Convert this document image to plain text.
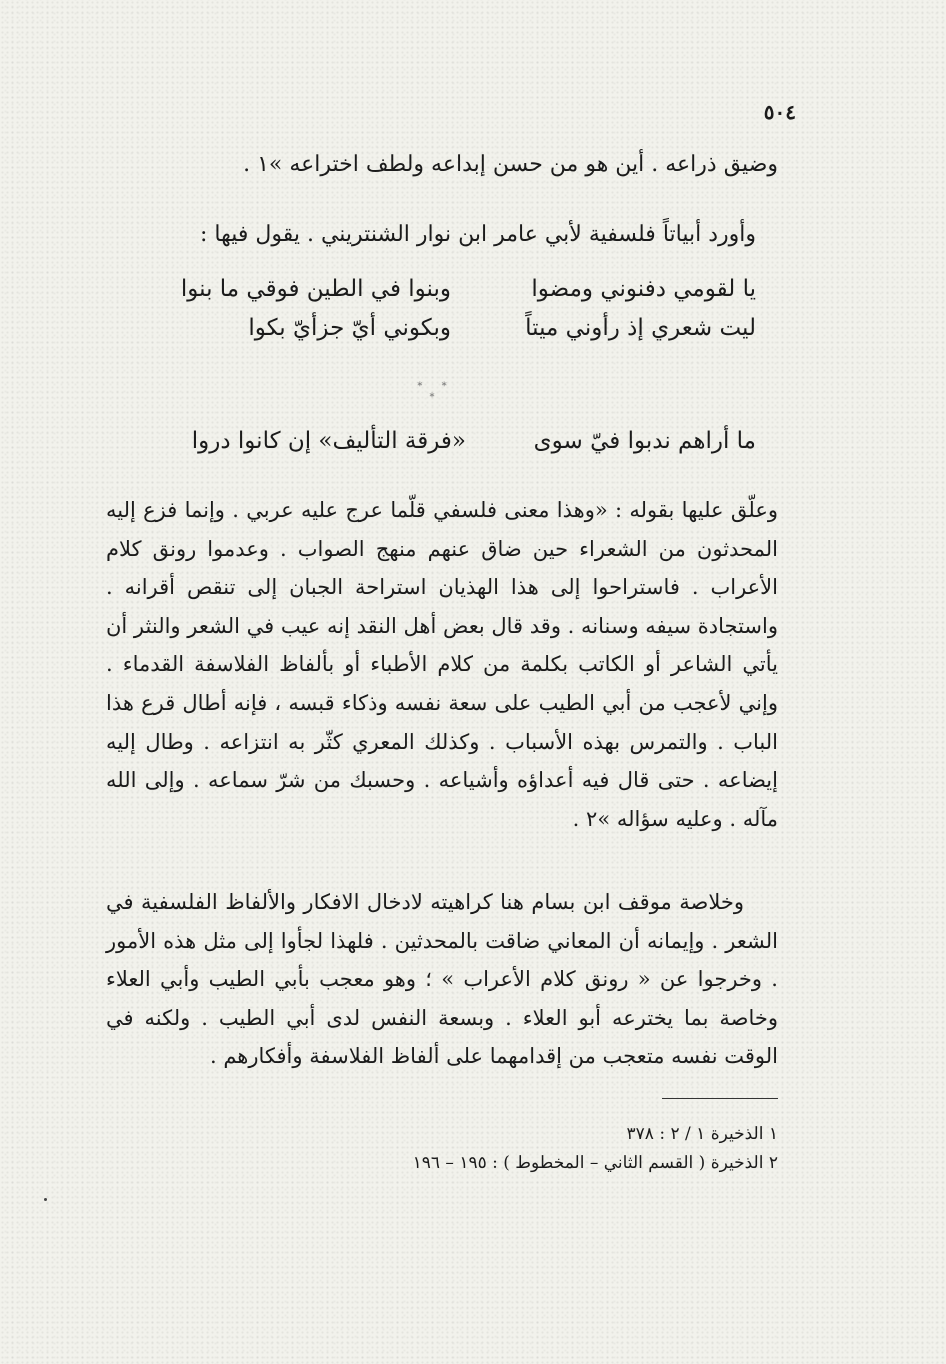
٥٠٤
وضيق ذراعه . أين هو من حسن إبداعه ولطف اختراعه »١ .
وأورد أبياتاً فلسفية لأبي عامر ابن نوار الشنتريني . يقول فيها :
يا لقومي دفنوني ومضوا
وبنوا في الطين فوقي ما بنوا
ليت شعري إذ رأوني ميتاً
وبكوني أيّ جزأيّ بكوا
* * *
ما أراهم ندبوا فيّ سوى
«فرقة التأليف» إن كانوا دروا
وعلّق عليها بقوله : «وهذا معنى فلسفي قلّما عرج عليه عربي . وإنما فزع إليه المحدثون من الشعراء حين ضاق عنهم منهج الصواب . وعدموا رونق كلام الأعراب . فاستراحوا إلى هذا الهذيان استراحة الجبان إلى تنقص أقرانه . واستجادة سيفه وسنانه . وقد قال بعض أهل النقد إنه عيب في الشعر والنثر أن يأتي الشاعر أو الكاتب بكلمة من كلام الأطباء أو بألفاظ الفلاسفة القدماء . وإني لأعجب من أبي الطيب على سعة نفسه وذكاء قبسه ، فإنه أطال قرع هذا الباب . والتمرس بهذه الأسباب . وكذلك المعري كثّر به انتزاعه . وطال إليه إيضاعه . حتى قال فيه أعداؤه وأشياعه . وحسبك من شرّ سماعه . وإلى الله مآله . وعليه سؤاله »٢ .
وخلاصة موقف ابن بسام هنا كراهيته لادخال الافكار والألفاظ الفلسفية في الشعر . وإيمانه أن المعاني ضاقت بالمحدثين . فلهذا لجأوا إلى مثل هذه الأمور . وخرجوا عن « رونق كلام الأعراب » ؛ وهو معجب بأبي الطيب وأبي العلاء وخاصة بما يخترعه أبو العلاء . وبسعة النفس لدى أبي الطيب . ولكنه في الوقت نفسه متعجب من إقدامهما على ألفاظ الفلاسفة وأفكارهم .
١ الذخيرة ١ / ٢ : ٣٧٨
٢ الذخيرة ( القسم الثاني – المخطوط ) : ١٩٥ – ١٩٦
